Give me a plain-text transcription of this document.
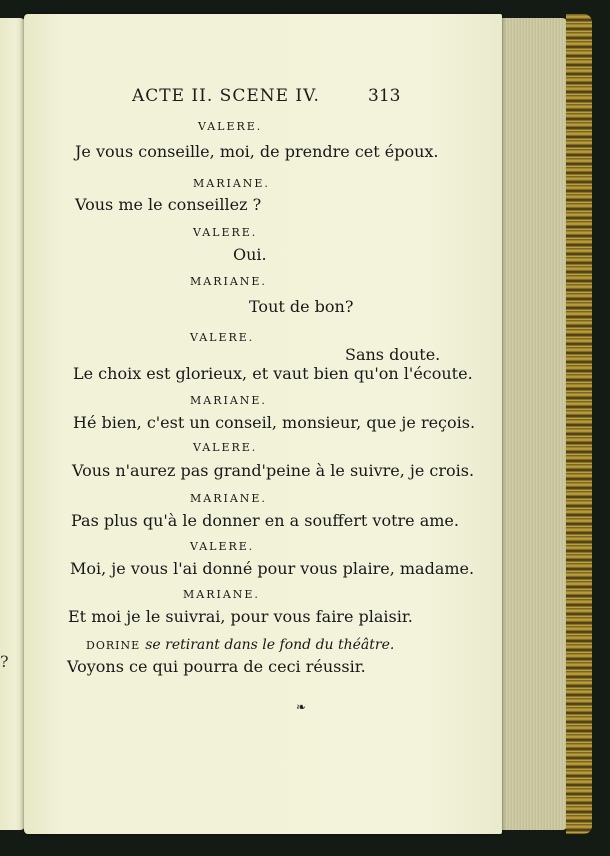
?
ACTE II. SCENE IV.	313
VALERE.
Je vous conseille, moi, de prendre cet époux.
MARIANE.
Vous me le conseillez ?
VALERE.
Oui.
MARIANE.
Tout de bon?
VALERE.
Sans doute.
Le choix est glorieux, et vaut bien qu'on l'écoute.
MARIANE.
Hé bien, c'est un conseil, monsieur, que je reçois.
VALERE.
Vous n'aurez pas grand'peine à le suivre, je crois.
MARIANE.
Pas plus qu'à le donner en a souffert votre ame.
VALERE.
Moi, je vous l'ai donné pour vous plaire, madame.
MARIANE.
Et moi je le suivrai, pour vous faire plaisir.
DORINE se retirant dans le fond du théâtre.
Voyons ce qui pourra de ceci réussir.
❧
